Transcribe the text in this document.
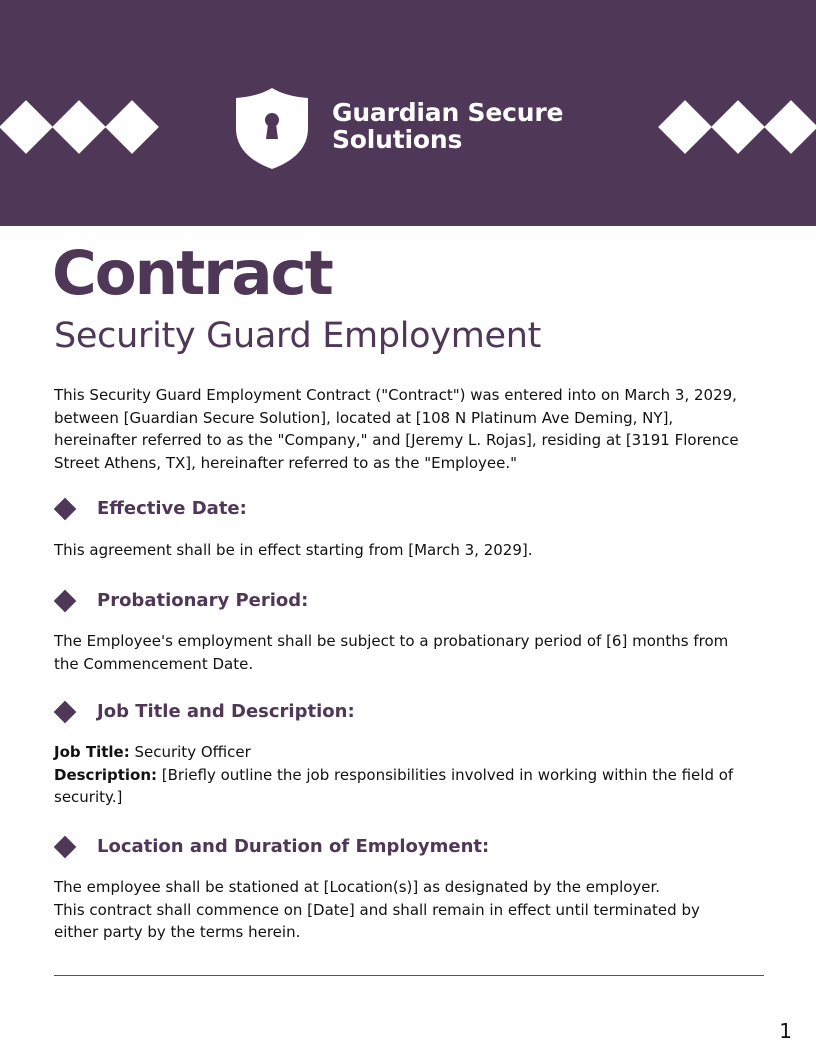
Guardian Secure
Solutions
Contract
Security Guard Employment

This Security Guard Employment Contract ("Contract") was entered into on March 3, 2029,
between [Guardian Secure Solution], located at [108 N Platinum Ave Deming, NY],
hereinafter referred to as the "Company," and [Jeremy L. Rojas], residing at [3191 Florence
Street Athens, TX], hereinafter referred to as the "Employee."

Effective Date:

This agreement shall be in effect starting from [March 3, 2029].

Probationary Period:

The Employee's employment shall be subject to a probationary period of [6] months from
the Commencement Date.

Job Title and Description:

Job Title: Security Officer
Description: [Briefly outline the job responsibilities involved in working within the field of
security.]

Location and Duration of Employment:

The employee shall be stationed at [Location(s)] as designated by the employer.
This contract shall commence on [Date] and shall remain in effect until terminated by
either party by the terms herein.

1
